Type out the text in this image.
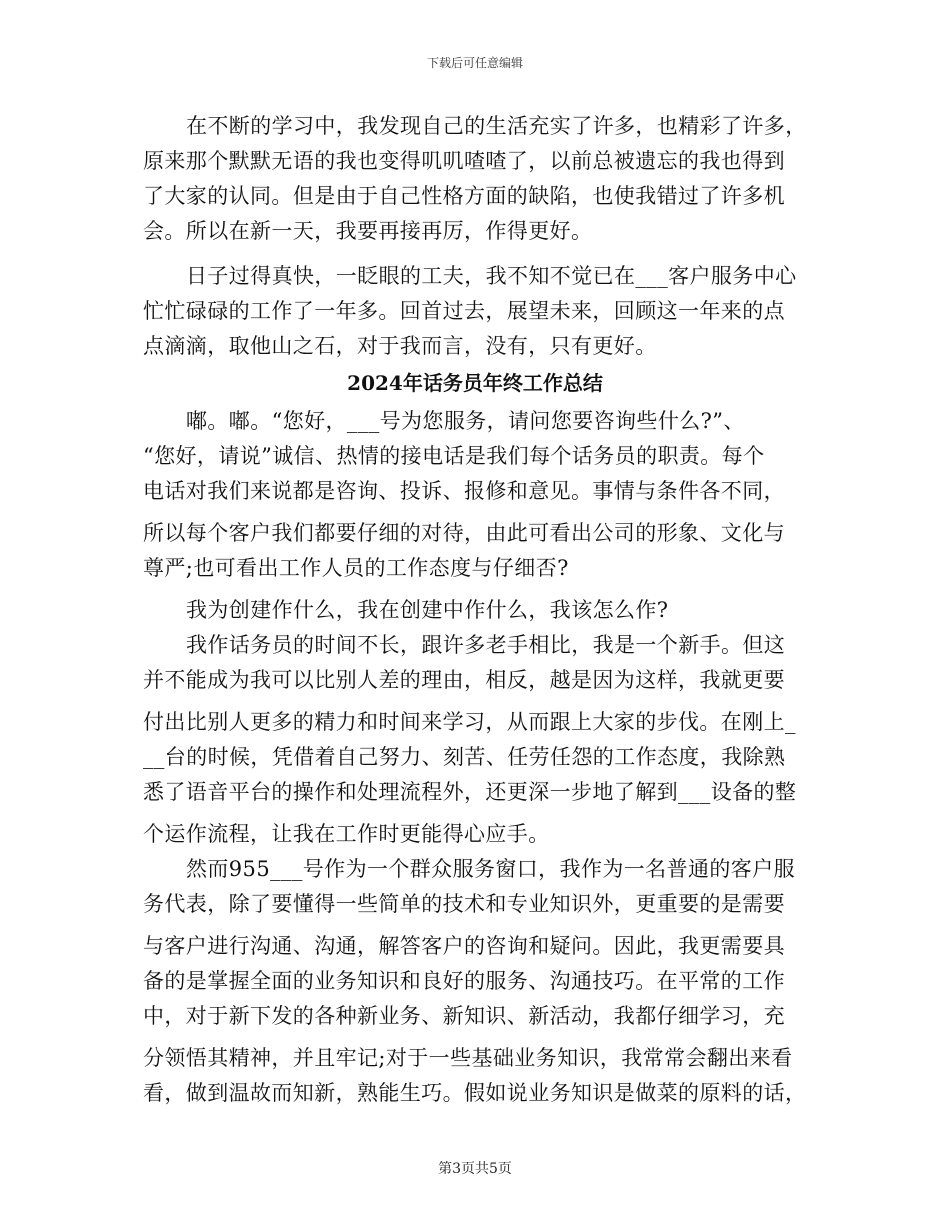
下载后可任意编辑
在不断的学习中，我发现自己的生活充实了许多，也精彩了许多，
原来那个默默无语的我也变得叽叽喳喳了，以前总被遗忘的我也得到
了大家的认同。但是由于自己性格方面的缺陷，也使我错过了许多机
会。所以在新一天，我要再接再厉，作得更好。
日子过得真快，一眨眼的工夫，我不知不觉已在___客户服务中心
忙忙碌碌的工作了一年多。回首过去，展望未来，回顾这一年来的点
点滴滴，取他山之石，对于我而言，没有，只有更好。
2024年话务员年终工作总结
嘟。嘟。“您好，___号为您服务，请问您要咨询些什么?”、
“您好，请说”诚信、热情的接电话是我们每个话务员的职责。每个
电话对我们来说都是咨询、投诉、报修和意见。事情与条件各不同，
所以每个客户我们都要仔细的对待，由此可看出公司的形象、文化与
尊严;也可看出工作人员的工作态度与仔细否?
我为创建作什么，我在创建中作什么，我该怎么作?
我作话务员的时间不长，跟许多老手相比，我是一个新手。但这
并不能成为我可以比别人差的理由，相反，越是因为这样，我就更要
付出比别人更多的精力和时间来学习，从而跟上大家的步伐。在刚上_
__台的时候，凭借着自己努力、刻苦、任劳任怨的工作态度，我除熟
悉了语音平台的操作和处理流程外，还更深一步地了解到___设备的整
个运作流程，让我在工作时更能得心应手。
然而955___号作为一个群众服务窗口，我作为一名普通的客户服
务代表，除了要懂得一些简单的技术和专业知识外，更重要的是需要
与客户进行沟通、沟通，解答客户的咨询和疑问。因此，我更需要具
备的是掌握全面的业务知识和良好的服务、沟通技巧。在平常的工作
中，对于新下发的各种新业务、新知识、新活动，我都仔细学习，充
分领悟其精神，并且牢记;对于一些基础业务知识，我常常会翻出来看
看，做到温故而知新，熟能生巧。假如说业务知识是做菜的原料的话，
第3页共5页
